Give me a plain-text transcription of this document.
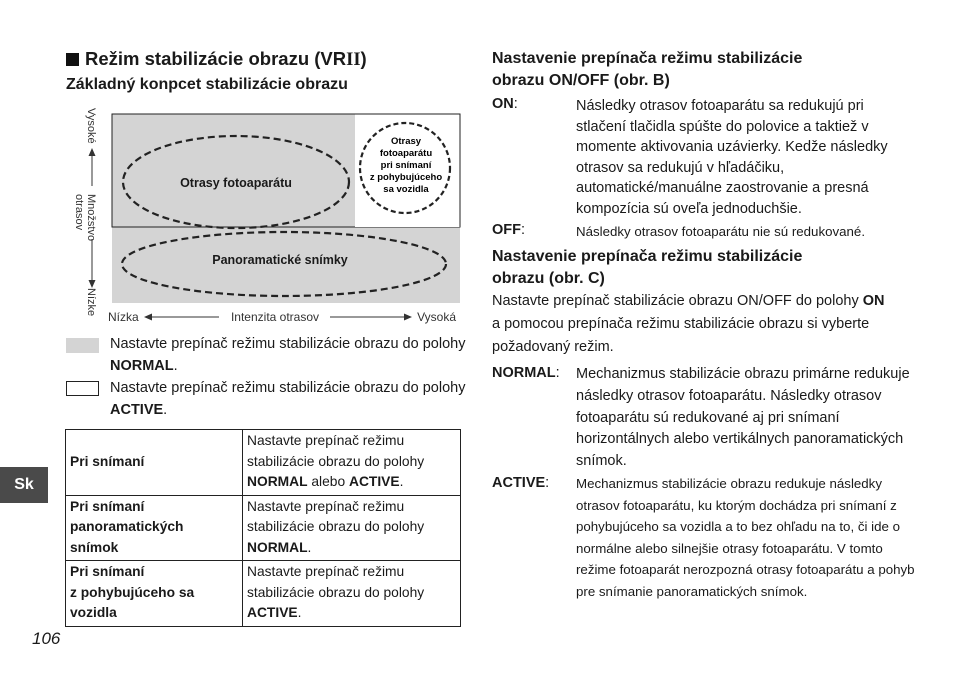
Režim stabilizácie obrazu (VRII)
Základný konpcet stabilizácie obrazu
Otrasy fotoaparátu
Panoramatické snímky
Otrasy
fotoaparátu
pri snímaní
z pohybujúceho
sa vozidla
Vysoké
Množstvo
otrasov
Nízke
Nízka	Intenzita otrasov	Vysoká
Nastavte prepínač režimu stabilizácie obrazu do polohy NORMAL.
Nastavte prepínač režimu stabilizácie obrazu do polohy ACTIVE.
Pri snímaní	Nastavte prepínač režimu stabilizácie obrazu do polohy NORMAL alebo ACTIVE.
Pri snímaní
panoramatických
snímok	Nastavte prepínač režimu stabilizácie obrazu do polohy NORMAL.
Pri snímaní
z pohybujúceho sa
vozidla	Nastavte prepínač režimu stabilizácie obrazu do polohy ACTIVE.
Sk
106
Nastavenie prepínača režimu stabilizácie
obrazu ON/OFF (obr. B)
ON:	Následky otrasov fotoaparátu sa redukujú pri stlačení tlačidla spúšte do polovice a taktiež v momente aktivovania uzávierky. Kedže následky otrasov sa redukujú v hľadáčiku, automatické/manuálne zaostrovanie a presná kompozícia sú oveľa jednoduchšie.
OFF:	Následky otrasov fotoaparátu nie sú redukované.
Nastavenie prepínača režimu stabilizácie
obrazu (obr. C)
Nastavte prepínač stabilizácie obrazu ON/OFF do polohy ON a pomocou prepínača režimu stabilizácie obrazu si vyberte požadovaný režim.
NORMAL: Mechanizmus stabilizácie obrazu primárne redukuje následky otrasov fotoaparátu. Následky otrasov fotoaparátu sú redukované aj pri snímaní horizontálnych alebo vertikálnych panoramatických snímok.
ACTIVE: Mechanizmus stabilizácie obrazu redukuje následky otrasov fotoaparátu, ku ktorým dochádza pri snímaní z pohybujúceho sa vozidla a to bez ohľadu na to, či ide o normálne alebo silnejšie otrasy fotoaparátu. V tomto režime fotoaparát nerozpozná otrasy fotoaparátu a pohyb pre snímanie panoramatických snímok.
